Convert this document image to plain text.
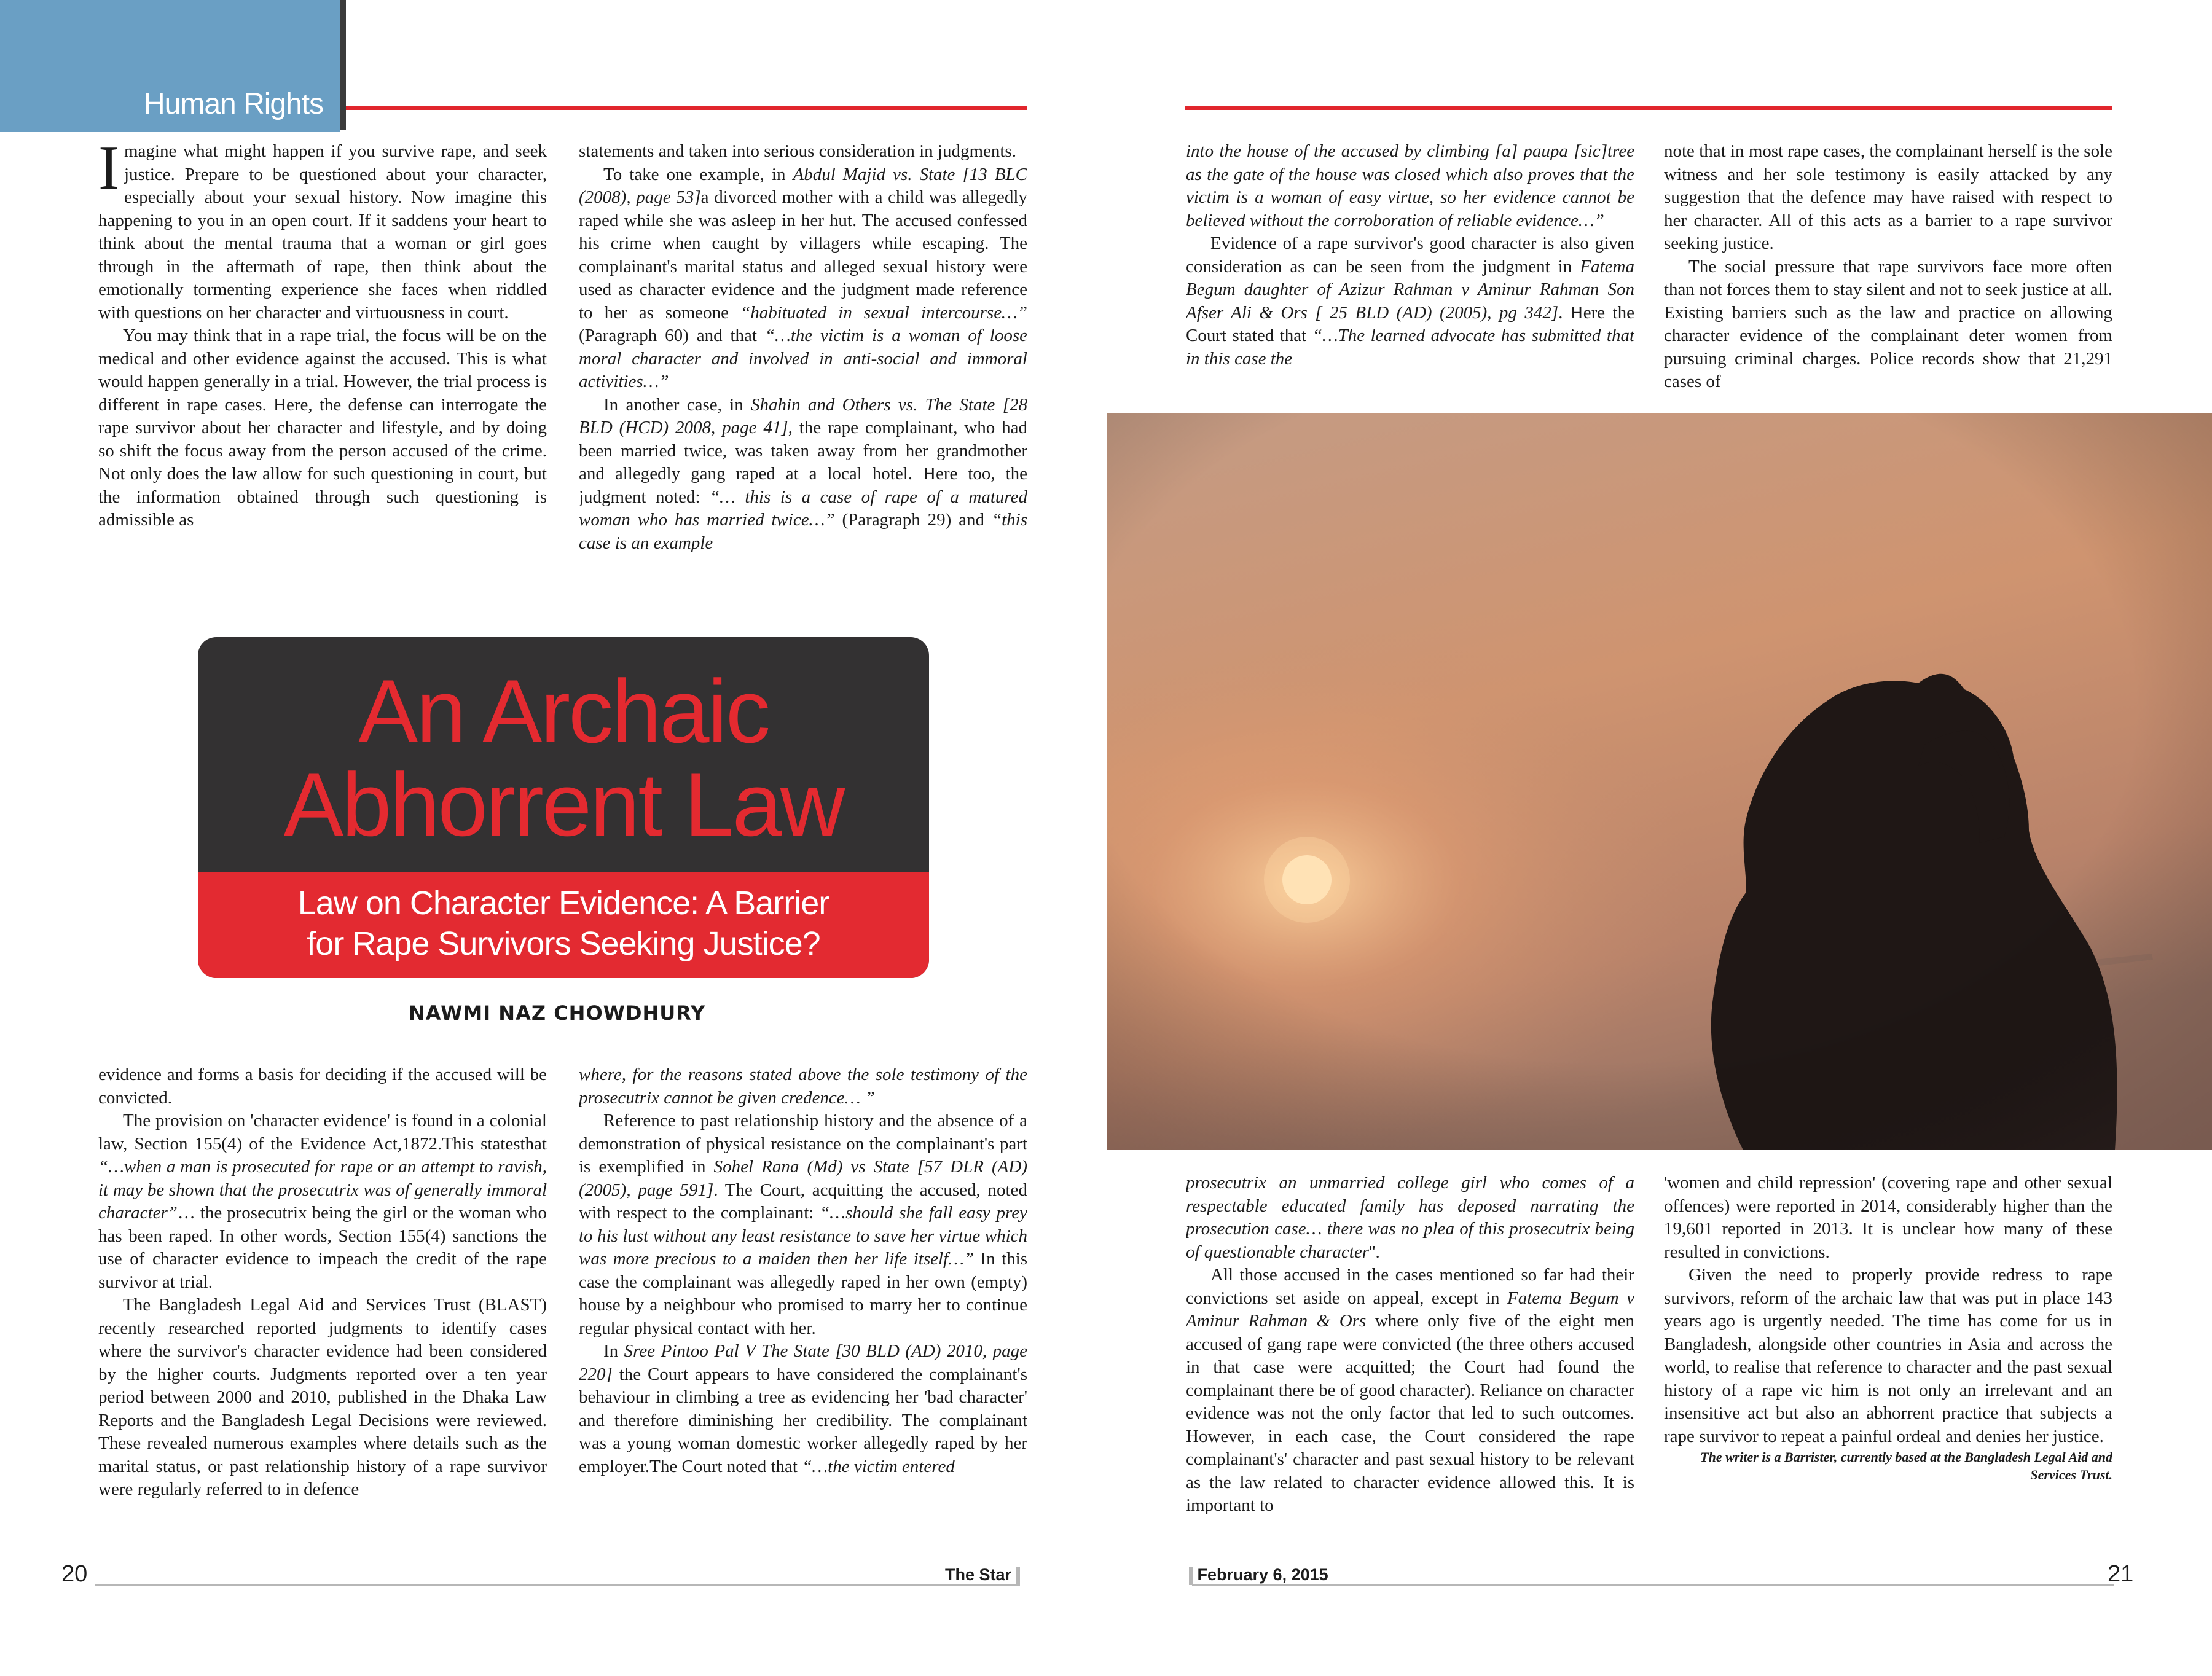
Human Rights

Imagine what might happen if you survive rape, and seek justice. Prepare to be questioned about your character, especially about your sexual history. Now imagine this happening to you in an open court. If it saddens your heart to think about the mental trauma that a woman or girl goes through in the aftermath of rape, then think about the emotionally tormenting experience she faces when riddled with questions on her character and virtuousness in court.

You may think that in a rape trial, the focus will be on the medical and other evidence against the accused. This is what would happen generally in a trial. However, the trial process is different in rape cases. Here, the defense can interrogate the rape survivor about her character and lifestyle, and by doing so shift the focus away from the person accused of the crime. Not only does the law allow for such questioning in court, but the information obtained through such questioning is admissible as

statements and taken into serious consideration in judgments.

To take one example, in Abdul Majid vs. State [13 BLC (2008), page 53]a divorced mother with a child was allegedly raped while she was asleep in her hut. The accused confessed his crime when caught by villagers while escaping. The complainant's marital status and alleged sexual history were used as character evidence and the judgment made reference to her as someone “habituated in sexual intercourse…” (Paragraph 60) and that “…the victim is a woman of loose moral character and involved in anti-social and immoral activities…”

In another case, in Shahin and Others vs. The State [28 BLD (HCD) 2008, page 41], the rape complainant, who had been married twice, was taken away from her grandmother and allegedly gang raped at a local hotel. Here too, the judgment noted: “… this is a case of rape of a matured woman who has married twice…” (Paragraph 29) and “this case is an example

into the house of the accused by climbing [a] paupa [sic]tree as the gate of the house was closed which also proves that the victim is a woman of easy virtue, so her evidence cannot be believed without the corroboration of reliable evidence…”

Evidence of a rape survivor's good character is also given consideration as can be seen from the judgment in Fatema Begum daughter of Azizur Rahman v Aminur Rahman Son Afser Ali & Ors [ 25 BLD (AD) (2005), pg 342]. Here the Court stated that “…The learned advocate has submitted that in this case the

note that in most rape cases, the complainant herself is the sole witness and her sole testimony is easily attacked by any suggestion that the defence may have raised with respect to her character. All of this acts as a barrier to a rape survivor seeking justice.

The social pressure that rape survivors face more often than not forces them to stay silent and not to seek justice at all. Existing barriers such as the law and practice on allowing character evidence of the complainant deter women from pursuing criminal charges. Police records show that 21,291 cases of

An Archaic
Abhorrent Law
Law on Character Evidence: A Barrier
for Rape Survivors Seeking Justice?
NAWMI NAZ CHOWDHURY

evidence and forms a basis for deciding if the accused will be convicted.

The provision on 'character evidence' is found in a colonial law, Section 155(4) of the Evidence Act,1872.This statesthat “…when a man is prosecuted for rape or an attempt to ravish, it may be shown that the prosecutrix was of generally immoral character”… the prosecutrix being the girl or the woman who has been raped. In other words, Section 155(4) sanctions the use of character evidence to impeach the credit of the rape survivor at trial.

The Bangladesh Legal Aid and Services Trust (BLAST) recently researched reported judgments to identify cases where the survivor's character evidence had been considered by the higher courts. Judgments reported over a ten year period between 2000 and 2010, published in the Dhaka Law Reports and the Bangladesh Legal Decisions were reviewed. These revealed numerous examples where details such as the marital status, or past relationship history of a rape survivor were regularly referred to in defence

where, for the reasons stated above the sole testimony of the prosecutrix cannot be given credence… ”

Reference to past relationship history and the absence of a demonstration of physical resistance on the complainant's part is exemplified in Sohel Rana (Md) vs State [57 DLR (AD) (2005), page 591]. The Court, acquitting the accused, noted with respect to the complainant: “…should she fall easy prey to his lust without any least resistance to save her virtue which was more precious to a maiden then her life itself…” In this case the complainant was allegedly raped in her own (empty) house by a neighbour who promised to marry her to continue regular physical contact with her.

In Sree Pintoo Pal V The State [30 BLD (AD) 2010, page 220] the Court appears to have considered the complainant's behaviour in climbing a tree as evidencing her 'bad character' and therefore diminishing her credibility. The complainant was a young woman domestic worker allegedly raped by her employer.The Court noted that “…the victim entered

prosecutrix an unmarried college girl who comes of a respectable educated family has deposed narrating the prosecution case… there was no plea of this prosecutrix being of questionable character''.

All those accused in the cases mentioned so far had their convictions set aside on appeal, except in Fatema Begum v Aminur Rahman & Ors where only five of the eight men accused of gang rape were convicted (the three others accused in that case were acquitted; the Court had found the complainant there be of good character). Reliance on character evidence was not the only factor that led to such outcomes. However, in each case, the Court considered the rape complainant's' character and past sexual history to be relevant as the law related to character evidence allowed this. It is important to

'women and child repression' (covering rape and other sexual offences) were reported in 2014, considerably higher than the 19,601 reported in 2013. It is unclear how many of these resulted in convictions.

Given the need to properly provide redress to rape survivors, reform of the archaic law that was put in place 143 years ago is urgently needed. The time has come for us in Bangladesh, alongside other countries in Asia and across the world, to realise that reference to character and the past sexual history of a rape vic him is not only an irrelevant and an insensitive act but also an abhorrent practice that subjects a rape survivor to repeat a painful ordeal and denies her justice.

The writer is a Barrister, currently based at the Bangladesh Legal Aid and Services Trust.

20	The Star	February 6, 2015	21
